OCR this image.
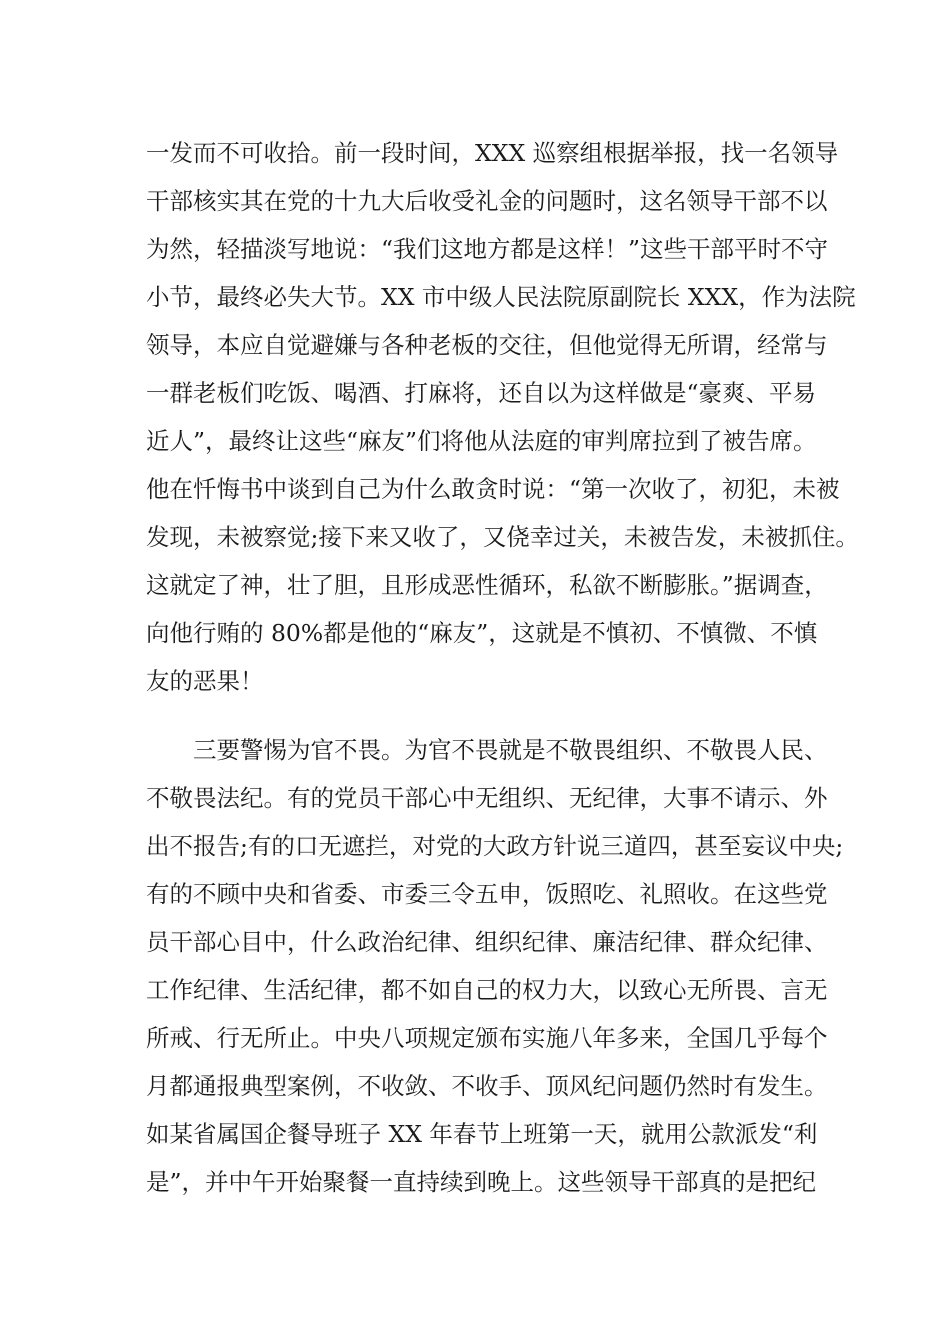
一发而不可收拾。前一段时间，XXX 巡察组根据举报，找一名领导
干部核实其在党的十九大后收受礼金的问题时，这名领导干部不以
为然，轻描淡写地说：“我们这地方都是这样！”这些干部平时不守
小节，最终必失大节。XX 市中级人民法院原副院长 XXX，作为法院
领导，本应自觉避嫌与各种老板的交往，但他觉得无所谓，经常与
一群老板们吃饭、喝酒、打麻将，还自以为这样做是“豪爽、平易
近人”，最终让这些“麻友”们将他从法庭的审判席拉到了被告席。
他在忏悔书中谈到自己为什么敢贪时说：“第一次收了，初犯，未被
发现，未被察觉;接下来又收了，又侥幸过关，未被告发，未被抓住。
这就定了神，壮了胆，且形成恶性循环，私欲不断膨胀。”据调查，
向他行贿的 80%都是他的“麻友”，这就是不慎初、不慎微、不慎
友的恶果！
　　三要警惕为官不畏。为官不畏就是不敬畏组织、不敬畏人民、
不敬畏法纪。有的党员干部心中无组织、无纪律，大事不请示、外
出不报告;有的口无遮拦，对党的大政方针说三道四，甚至妄议中央;
有的不顾中央和省委、市委三令五申，饭照吃、礼照收。在这些党
员干部心目中，什么政治纪律、组织纪律、廉洁纪律、群众纪律、
工作纪律、生活纪律，都不如自己的权力大，以致心无所畏、言无
所戒、行无所止。中央八项规定颁布实施八年多来，全国几乎每个
月都通报典型案例，不收敛、不收手、顶风纪问题仍然时有发生。
如某省属国企餐导班子 XX 年春节上班第一天，就用公款派发“利
是”，并中午开始聚餐一直持续到晚上。这些领导干部真的是把纪
